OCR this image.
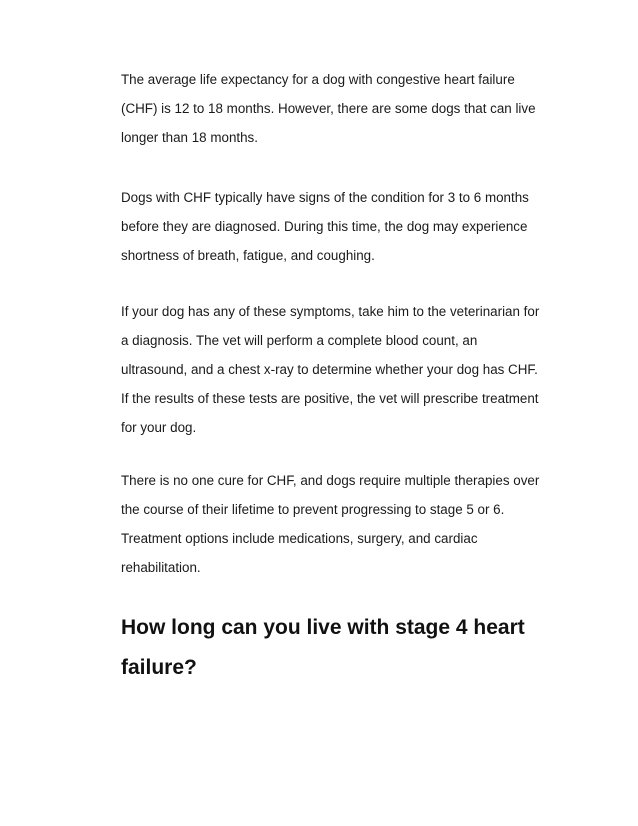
The average life expectancy for a dog with congestive heart failure
(CHF) is 12 to 18 months. However, there are some dogs that can live
longer than 18 months.

Dogs with CHF typically have signs of the condition for 3 to 6 months
before they are diagnosed. During this time, the dog may experience
shortness of breath, fatigue, and coughing.

If your dog has any of these symptoms, take him to the veterinarian for
a diagnosis. The vet will perform a complete blood count, an
ultrasound, and a chest x-ray to determine whether your dog has CHF.
If the results of these tests are positive, the vet will prescribe treatment
for your dog.

There is no one cure for CHF, and dogs require multiple therapies over
the course of their lifetime to prevent progressing to stage 5 or 6.
Treatment options include medications, surgery, and cardiac
rehabilitation.

How long can you live with stage 4 heart
failure?
